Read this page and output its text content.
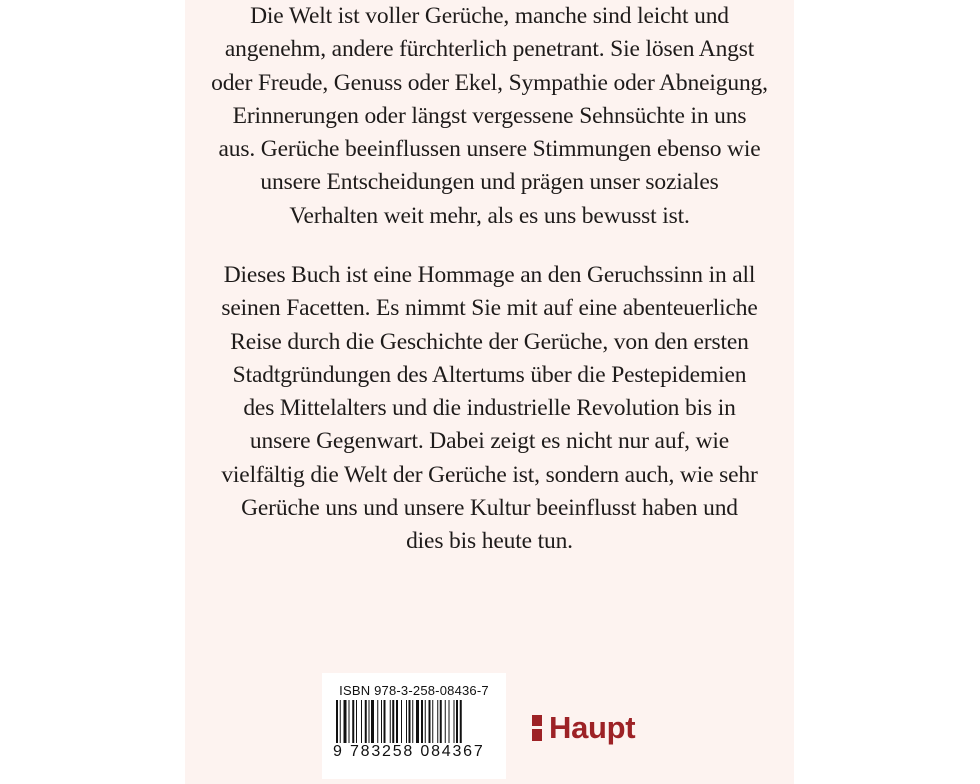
Die Welt ist voller Gerüche, manche sind leicht und
angenehm, andere fürchterlich penetrant. Sie lösen Angst
oder Freude, Genuss oder Ekel, Sympathie oder Abneigung,
Erinnerungen oder längst vergessene Sehnsüchte in uns
aus. Gerüche beeinflussen unsere Stimmungen ebenso wie
unsere Entscheidungen und prägen unser soziales
Verhalten weit mehr, als es uns bewusst ist.

Dieses Buch ist eine Hommage an den Geruchssinn in all
seinen Facetten. Es nimmt Sie mit auf eine abenteuerliche
Reise durch die Geschichte der Gerüche, von den ersten
Stadtgründungen des Altertums über die Pestepidemien
des Mittelalters und die industrielle Revolution bis in
unsere Gegenwart. Dabei zeigt es nicht nur auf, wie
vielfältig die Welt der Gerüche ist, sondern auch, wie sehr
Gerüche uns und unsere Kultur beeinflusst haben und
dies bis heute tun.

ISBN 978-3-258-08436-7
9 783258 084367
Haupt
